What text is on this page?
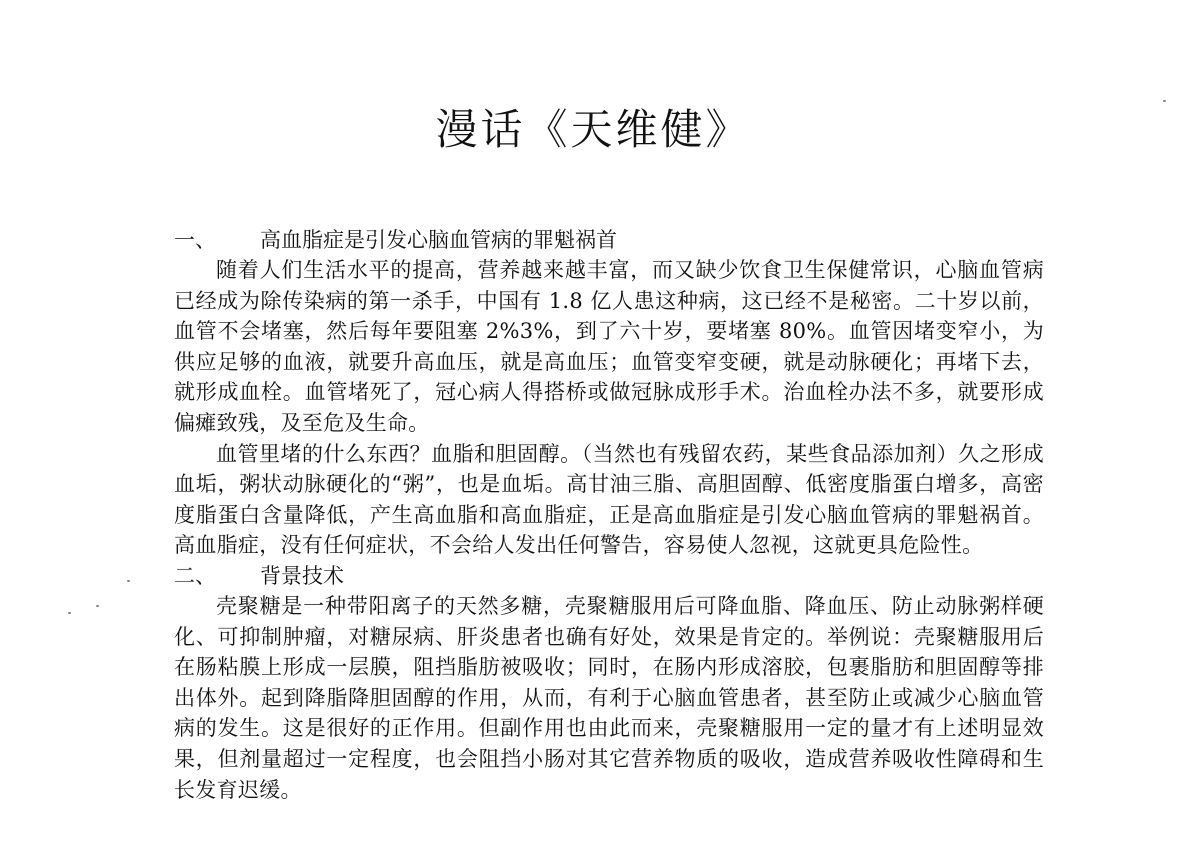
漫话《天维健》

一、 高血脂症是引发心脑血管病的罪魁祸首

随着人们生活水平的提高，营养越来越丰富，而又缺少饮食卫生保健常识，心脑血管病已经成为除传染病的第一杀手，中国有 1.8 亿人患这种病，这已经不是秘密。二十岁以前，血管不会堵塞，然后每年要阻塞 2%3%，到了六十岁，要堵塞 80%。血管因堵变窄小，为供应足够的血液，就要升高血压，就是高血压；血管变窄变硬，就是动脉硬化；再堵下去，就形成血栓。血管堵死了，冠心病人得搭桥或做冠脉成形手术。治血栓办法不多，就要形成偏瘫致残，及至危及生命。

血管里堵的什么东西？血脂和胆固醇。（当然也有残留农药，某些食品添加剂）久之形成血垢，粥状动脉硬化的“粥”，也是血垢。高甘油三脂、高胆固醇、低密度脂蛋白增多，高密度脂蛋白含量降低，产生高血脂和高血脂症，正是高血脂症是引发心脑血管病的罪魁祸首。高血脂症，没有任何症状，不会给人发出任何警告，容易使人忽视，这就更具危险性。

二、 背景技术

壳聚糖是一种带阳离子的天然多糖，壳聚糖服用后可降血脂、降血压、防止动脉粥样硬化、可抑制肿瘤，对糖尿病、肝炎患者也确有好处，效果是肯定的。举例说：壳聚糖服用后在肠粘膜上形成一层膜，阻挡脂肪被吸收；同时，在肠内形成溶胶，包裹脂肪和胆固醇等排出体外。起到降脂降胆固醇的作用，从而，有利于心脑血管患者，甚至防止或减少心脑血管病的发生。这是很好的正作用。但副作用也由此而来，壳聚糖服用一定的量才有上述明显效果，但剂量超过一定程度，也会阻挡小肠对其它营养物质的吸收，造成营养吸收性障碍和生长发育迟缓。
